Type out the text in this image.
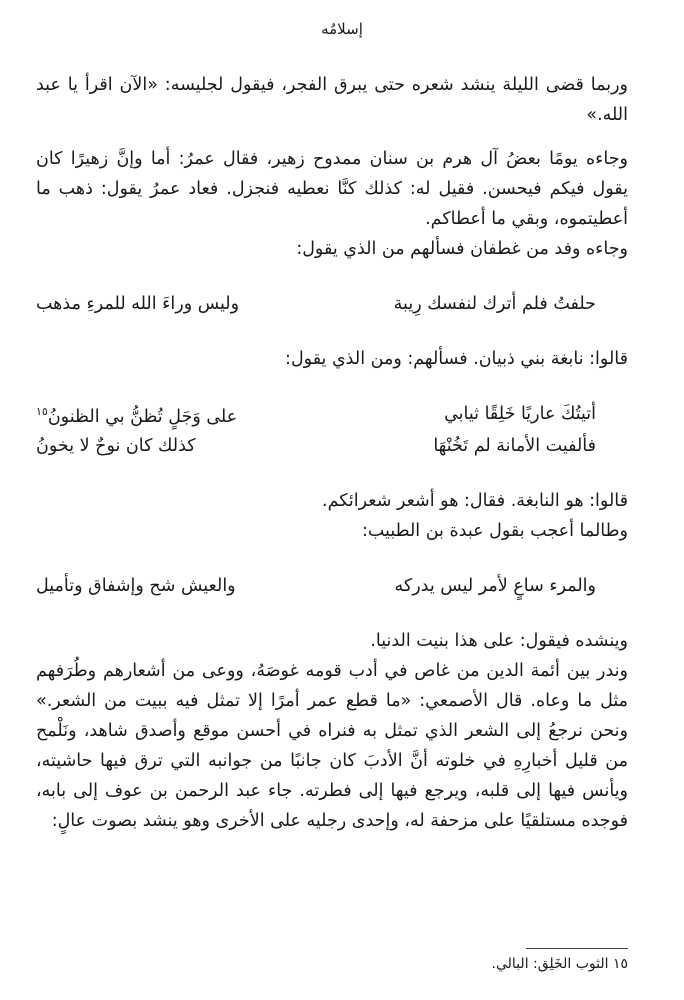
إسلامُه

وربما قضى الليلة ينشد شعره حتى يبرق الفجر، فيقول لجليسه: «الآن اقرأ يا عبد الله.»

وجاءه يومًا بعضُ آل هرم بن سنان ممدوح زهير، فقال عمرُ: أما وإنَّ زهيرًا كان يقول فيكم فيحسن. فقيل له: كذلك كنَّا نعطيه فنجزل. فعاد عمرُ يقول: ذهب ما أعطيتموه، وبقي ما أعطاكم.

وجاءه وفد من غطفان فسألهم من الذي يقول:

حلفتُ فلم أترك لنفسك رِيبة
وليس وراءَ الله للمرءِ مذهب

قالوا: نابغة بني ذبيان. فسألهم: ومن الذي يقول:

أتيتُكَ عاريًا خَلِقًا ثيابي
على وَجَلٍ تُظنُّ بي الظنونُ$^{١٥}$
فألفيت الأمانة لم تَخُنْهَا
كذلك كان نوحٌ لا يخونُ

قالوا: هو النابغة. فقال: هو أشعر شعرائكم.

وطالما أعجب بقول عبدة بن الطبيب:

والمرء ساعٍ لأمر ليس يدركه
والعيش شح وإشفاق وتأميل

وينشده فيقول: على هذا بنيت الدنيا.

وندر بين أئمة الدين من غاص في أدب قومه غوصَهُ، ووعى من أشعارهم وطُرَفهم مثل ما وعاه. قال الأصمعي: «ما قطع عمر أمرًا إلا تمثل فيه ببيت من الشعر.» ونحن نرجعُ إلى الشعر الذي تمثل به فنراه في أحسن موقع وأصدق شاهد، ونَلْمح من قليل أخبارِهِ في خلوته أنَّ الأدبَ كان جانبًا من جوانبه التي ترق فيها حاشيته، ويأنس فيها إلى قلبه، ويرجع فيها إلى فطرته. جاء عبد الرحمن بن عوف إلى بابه، فوجده مستلقيًا على مزحفة له، وإحدى رجليه على الأخرى وهو ينشد بصوت عالٍ:

١٥ الثوب الخَلِق: البالي.
